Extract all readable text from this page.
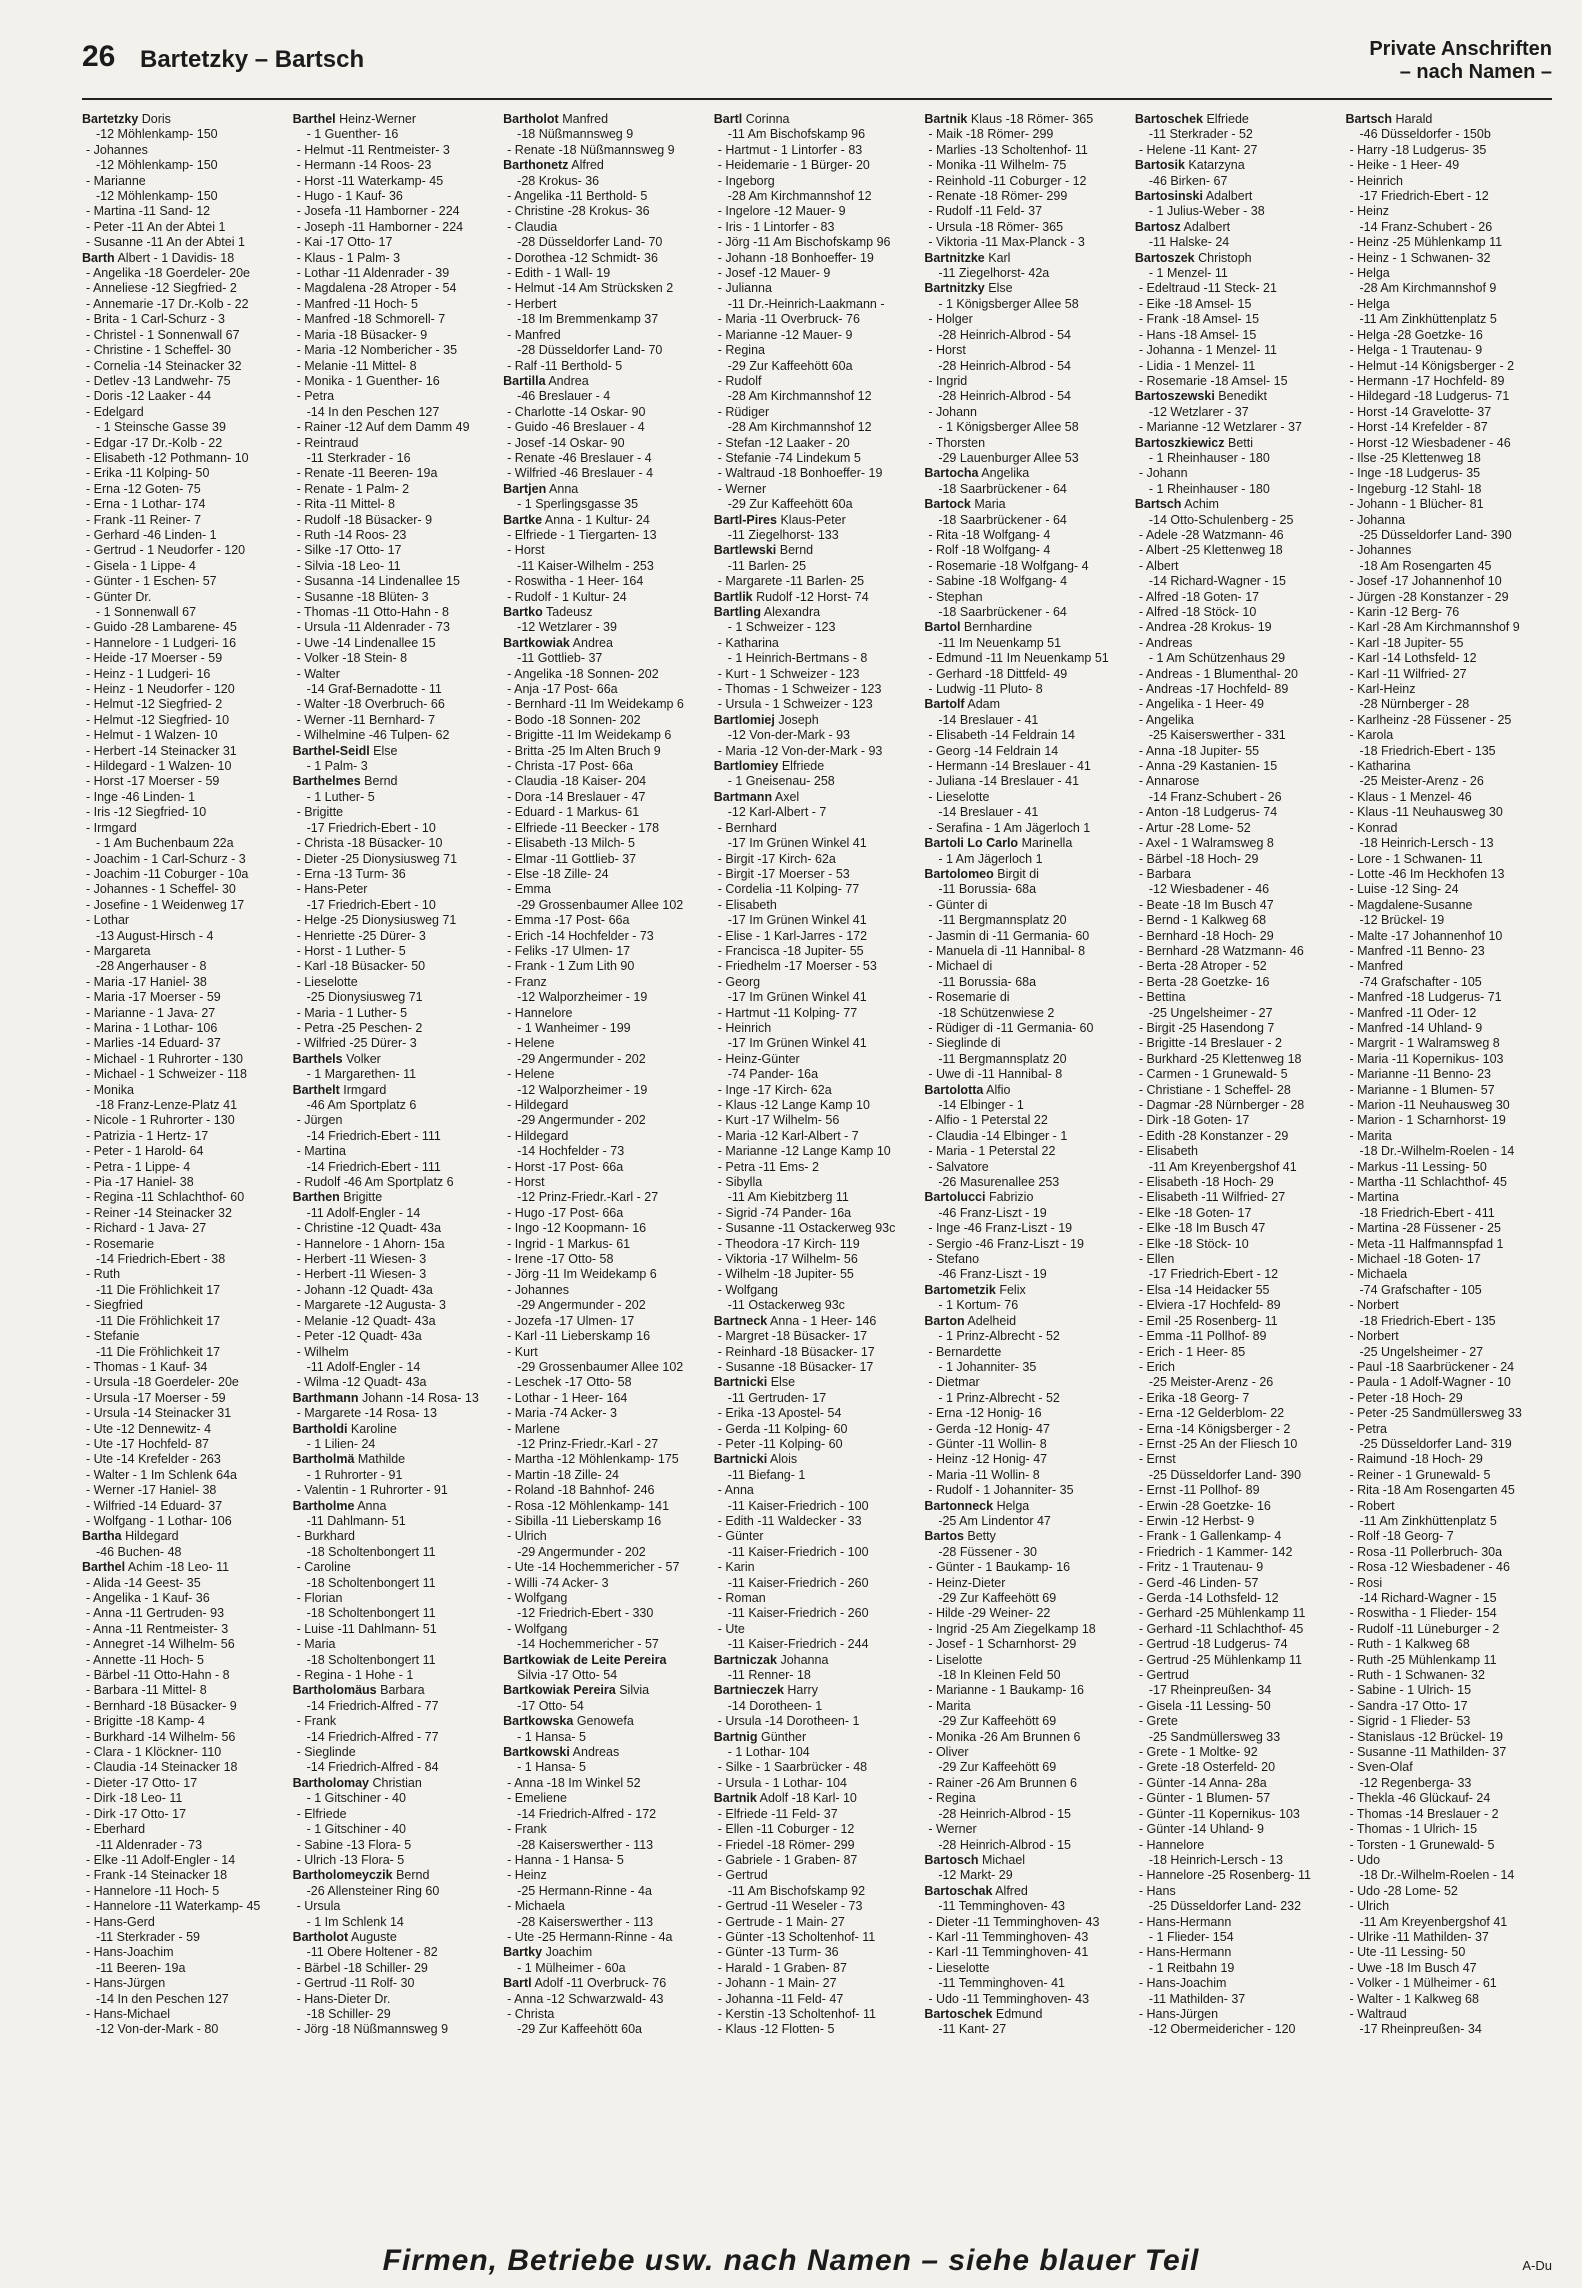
26 Bartetzky – Bartsch	Private Anschriften
– nach Namen –
Bartetzky Doris
-12 Möhlenkamp- 150
- Johannes
-12 Möhlenkamp- 150
- Marianne
-12 Möhlenkamp- 150
- Martina -11 Sand- 12
- Peter -11 An der Abtei 1
- Susanne -11 An der Abtei 1
Barth Albert - 1 Davidis- 18
- Angelika -18 Goerdeler- 20e
- Anneliese -12 Siegfried- 2
- Annemarie -17 Dr.-Kolb - 22
- Brita - 1 Carl-Schurz - 3
- Christel - 1 Sonnenwall 67
- Christine - 1 Scheffel- 30
- Cornelia -14 Steinacker 32
- Detlev -13 Landwehr- 75
- Doris -12 Laaker - 44
- Edelgard
- 1 Steinsche Gasse 39
- Edgar -17 Dr.-Kolb - 22
- Elisabeth -12 Pothmann- 10
- Erika -11 Kolping- 50
- Erna -12 Goten- 75
- Erna - 1 Lothar- 174
- Frank -11 Reiner- 7
- Gerhard -46 Linden- 1
- Gertrud - 1 Neudorfer - 120
- Gisela - 1 Lippe- 4
- Günter - 1 Eschen- 57
- Günter Dr.
- 1 Sonnenwall 67
- Guido -28 Lambarene- 45
- Hannelore - 1 Ludgeri- 16
- Heide -17 Moerser - 59
- Heinz - 1 Ludgeri- 16
- Heinz - 1 Neudorfer - 120
- Helmut -12 Siegfried- 2
- Helmut -12 Siegfried- 10
- Helmut - 1 Walzen- 10
- Herbert -14 Steinacker 31
- Hildegard - 1 Walzen- 10
- Horst -17 Moerser - 59
- Inge -46 Linden- 1
- Iris -12 Siegfried- 10
- Irmgard
- 1 Am Buchenbaum 22a
- Joachim - 1 Carl-Schurz - 3
- Joachim -11 Coburger - 10a
- Johannes - 1 Scheffel- 30
- Josefine - 1 Weidenweg 17
- Lothar
-13 August-Hirsch - 4
- Margareta
-28 Angerhauser - 8
- Maria -17 Haniel- 38
- Maria -17 Moerser - 59
- Marianne - 1 Java- 27
- Marina - 1 Lothar- 106
- Marlies -14 Eduard- 37
- Michael - 1 Ruhrorter - 130
- Michael - 1 Schweizer - 118
- Monika
-18 Franz-Lenze-Platz 41
- Nicole - 1 Ruhrorter - 130
- Patrizia - 1 Hertz- 17
- Peter - 1 Harold- 64
- Petra - 1 Lippe- 4
- Pia -17 Haniel- 38
- Regina -11 Schlachthof- 60
- Reiner -14 Steinacker 32
- Richard - 1 Java- 27
- Rosemarie
-14 Friedrich-Ebert - 38
- Ruth
-11 Die Fröhlichkeit 17
- Siegfried
-11 Die Fröhlichkeit 17
- Stefanie
-11 Die Fröhlichkeit 17
- Thomas - 1 Kauf- 34
- Ursula -18 Goerdeler- 20e
- Ursula -17 Moerser - 59
- Ursula -14 Steinacker 31
- Ute -12 Dennewitz- 4
- Ute -17 Hochfeld- 87
- Ute -14 Krefelder - 263
- Walter - 1 Im Schlenk 64a
- Werner -17 Haniel- 38
- Wilfried -14 Eduard- 37
- Wolfgang - 1 Lothar- 106
Bartha Hildegard
-46 Buchen- 48
Barthel Achim -18 Leo- 11
- Alida -14 Geest- 35
- Angelika - 1 Kauf- 36
- Anna -11 Gertruden- 93
- Anna -11 Rentmeister- 3
- Annegret -14 Wilhelm- 56
- Annette -11 Hoch- 5
- Bärbel -11 Otto-Hahn - 8
- Barbara -11 Mittel- 8
- Bernhard -18 Büsacker- 9
- Brigitte -18 Kamp- 4
- Burkhard -14 Wilhelm- 56
- Clara - 1 Klöckner- 110
- Claudia -14 Steinacker 18
- Dieter -17 Otto- 17
- Dirk -18 Leo- 11
- Dirk -17 Otto- 17
- Eberhard
-11 Aldenrader - 73
- Elke -11 Adolf-Engler - 14
- Frank -14 Steinacker 18
- Hannelore -11 Hoch- 5
- Hannelore -11 Waterkamp- 45
- Hans-Gerd
-11 Sterkrader - 59
- Hans-Joachim
-11 Beeren- 19a
- Hans-Jürgen
-14 In den Peschen 127
- Hans-Michael
-12 Von-der-Mark - 80
Barthel Heinz-Werner
- 1 Guenther- 16
- Helmut -11 Rentmeister- 3
- Hermann -14 Roos- 23
- Horst -11 Waterkamp- 45
- Hugo - 1 Kauf- 36
- Josefa -11 Hamborner - 224
- Joseph -11 Hamborner - 224
- Kai -17 Otto- 17
- Klaus - 1 Palm- 3
- Lothar -11 Aldenrader - 39
- Magdalena -28 Atroper - 54
- Manfred -11 Hoch- 5
- Manfred -18 Schmorell- 7
- Maria -18 Büsacker- 9
- Maria -12 Nombericher - 35
- Melanie -11 Mittel- 8
- Monika - 1 Guenther- 16
- Petra
-14 In den Peschen 127
- Rainer -12 Auf dem Damm 49
- Reintraud
-11 Sterkrader - 16
- Renate -11 Beeren- 19a
- Renate - 1 Palm- 2
- Rita -11 Mittel- 8
- Rudolf -18 Büsacker- 9
- Ruth -14 Roos- 23
- Silke -17 Otto- 17
- Silvia -18 Leo- 11
- Susanna -14 Lindenallee 15
- Susanne -18 Blüten- 3
- Thomas -11 Otto-Hahn - 8
- Ursula -11 Aldenrader - 73
- Uwe -14 Lindenallee 15
- Volker -18 Stein- 8
- Walter
-14 Graf-Bernadotte - 11
- Walter -18 Overbruch- 66
- Werner -11 Bernhard- 7
- Wilhelmine -46 Tulpen- 62
Barthel-Seidl Else
- 1 Palm- 3
Barthelmes Bernd
- 1 Luther- 5
- Brigitte
-17 Friedrich-Ebert - 10
- Christa -18 Büsacker- 10
- Dieter -25 Dionysiusweg 71
- Erna -13 Turm- 36
- Hans-Peter
-17 Friedrich-Ebert - 10
- Helge -25 Dionysiusweg 71
- Henriette -25 Dürer- 3
- Horst - 1 Luther- 5
- Karl -18 Büsacker- 50
- Lieselotte
-25 Dionysiusweg 71
- Maria - 1 Luther- 5
- Petra -25 Peschen- 2
- Wilfried -25 Dürer- 3
Barthels Volker
- 1 Margarethen- 11
Barthelt Irmgard
-46 Am Sportplatz 6
- Jürgen
-14 Friedrich-Ebert - 111
- Martina
-14 Friedrich-Ebert - 111
- Rudolf -46 Am Sportplatz 6
Barthen Brigitte
-11 Adolf-Engler - 14
- Christine -12 Quadt- 43a
- Hannelore - 1 Ahorn- 15a
- Herbert -11 Wiesen- 3
- Herbert -11 Wiesen- 3
- Johann -12 Quadt- 43a
- Margarete -12 Augusta- 3
- Melanie -12 Quadt- 43a
- Peter -12 Quadt- 43a
- Wilhelm
-11 Adolf-Engler - 14
- Wilma -12 Quadt- 43a
Barthmann Johann -14 Rosa- 13
- Margarete -14 Rosa- 13
Bartholdi Karoline
- 1 Lilien- 24
Bartholmä Mathilde
- 1 Ruhrorter - 91
- Valentin - 1 Ruhrorter - 91
Bartholme Anna
-11 Dahlmann- 51
- Burkhard
-18 Scholtenbongert 11
- Caroline
-18 Scholtenbongert 11
- Florian
-18 Scholtenbongert 11
- Luise -11 Dahlmann- 51
- Maria
-18 Scholtenbongert 11
- Regina - 1 Hohe - 1
Bartholomäus Barbara
-14 Friedrich-Alfred - 77
- Frank
-14 Friedrich-Alfred - 77
- Sieglinde
-14 Friedrich-Alfred - 84
Bartholomay Christian
- 1 Gitschiner - 40
- Elfriede
- 1 Gitschiner - 40
- Sabine -13 Flora- 5
- Ulrich -13 Flora- 5
Bartholomeyczik Bernd
-26 Allensteiner Ring 60
- Ursula
- 1 Im Schlenk 14
Bartholot Auguste
-11 Obere Holtener - 82
- Bärbel -18 Schiller- 29
- Gertrud -11 Rolf- 30
- Hans-Dieter Dr.
-18 Schiller- 29
- Jörg -18 Nüßmannsweg 9
Bartholot Manfred
-18 Nüßmannsweg 9
- Renate -18 Nüßmannsweg 9
Barthonetz Alfred
-28 Krokus- 36
- Angelika -11 Berthold- 5
- Christine -28 Krokus- 36
- Claudia
-28 Düsseldorfer Land- 70
- Dorothea -12 Schmidt- 36
- Edith - 1 Wall- 19
- Helmut -14 Am Strücksken 2
- Herbert
-18 Im Bremmenkamp 37
- Manfred
-28 Düsseldorfer Land- 70
- Ralf -11 Berthold- 5
Bartilla Andrea
-46 Breslauer - 4
- Charlotte -14 Oskar- 90
- Guido -46 Breslauer - 4
- Josef -14 Oskar- 90
- Renate -46 Breslauer - 4
- Wilfried -46 Breslauer - 4
Bartjen Anna
- 1 Sperlingsgasse 35
Bartke Anna - 1 Kultur- 24
- Elfriede - 1 Tiergarten- 13
- Horst
-11 Kaiser-Wilhelm - 253
- Roswitha - 1 Heer- 164
- Rudolf - 1 Kultur- 24
Bartko Tadeusz
-12 Wetzlarer - 39
Bartkowiak Andrea
-11 Gottlieb- 37
- Angelika -18 Sonnen- 202
- Anja -17 Post- 66a
- Bernhard -11 Im Weidekamp 6
- Bodo -18 Sonnen- 202
- Brigitte -11 Im Weidekamp 6
- Britta -25 Im Alten Bruch 9
- Christa -17 Post- 66a
- Claudia -18 Kaiser- 204
- Dora -14 Breslauer - 47
- Eduard - 1 Markus- 61
- Elfriede -11 Beecker - 178
- Elisabeth -13 Milch- 5
- Elmar -11 Gottlieb- 37
- Else -18 Zille- 24
- Emma
-29 Grossenbaumer Allee 102
- Emma -17 Post- 66a
- Erich -14 Hochfelder - 73
- Feliks -17 Ulmen- 17
- Frank - 1 Zum Lith 90
- Franz
-12 Walporzheimer - 19
- Hannelore
- 1 Wanheimer - 199
- Helene
-29 Angermunder - 202
- Helene
-12 Walporzheimer - 19
- Hildegard
-29 Angermunder - 202
- Hildegard
-14 Hochfelder - 73
- Horst -17 Post- 66a
- Horst
-12 Prinz-Friedr.-Karl - 27
- Hugo -17 Post- 66a
- Ingo -12 Koopmann- 16
- Ingrid - 1 Markus- 61
- Irene -17 Otto- 58
- Jörg -11 Im Weidekamp 6
- Johannes
-29 Angermunder - 202
- Jozefa -17 Ulmen- 17
- Karl -11 Lieberskamp 16
- Kurt
-29 Grossenbaumer Allee 102
- Leschek -17 Otto- 58
- Lothar - 1 Heer- 164
- Maria -74 Acker- 3
- Marlene
-12 Prinz-Friedr.-Karl - 27
- Martha -12 Möhlenkamp- 175
- Martin -18 Zille- 24
- Roland -18 Bahnhof- 246
- Rosa -12 Möhlenkamp- 141
- Sibilla -11 Lieberskamp 16
- Ulrich
-29 Angermunder - 202
- Ute -14 Hochemmericher - 57
- Willi -74 Acker- 3
- Wolfgang
-12 Friedrich-Ebert - 330
- Wolfgang
-14 Hochemmericher - 57
Bartkowiak de Leite Pereira
Silvia -17 Otto- 54
Bartkowiak Pereira Silvia
-17 Otto- 54
Bartkowska Genowefa
- 1 Hansa- 5
Bartkowski Andreas
- 1 Hansa- 5
- Anna -18 Im Winkel 52
- Emeliene
-14 Friedrich-Alfred - 172
- Frank
-28 Kaiserswerther - 113
- Hanna - 1 Hansa- 5
- Heinz
-25 Hermann-Rinne - 4a
- Michaela
-28 Kaiserswerther - 113
- Ute -25 Hermann-Rinne - 4a
Bartky Joachim
- 1 Mülheimer - 60a
Bartl Adolf -11 Overbruck- 76
- Anna -12 Schwarzwald- 43
- Christa
-29 Zur Kaffeehött 60a
Bartl Corinna
-11 Am Bischofskamp 96
- Hartmut - 1 Lintorfer - 83
- Heidemarie - 1 Bürger- 20
- Ingeborg
-28 Am Kirchmannshof 12
- Ingelore -12 Mauer- 9
- Iris - 1 Lintorfer - 83
- Jörg -11 Am Bischofskamp 96
- Johann -18 Bonhoeffer- 19
- Josef -12 Mauer- 9
- Julianna
-11 Dr.-Heinrich-Laakmann -
- Maria -11 Overbruck- 76
- Marianne -12 Mauer- 9
- Regina
-29 Zur Kaffeehött 60a
- Rudolf
-28 Am Kirchmannshof 12
- Rüdiger
-28 Am Kirchmannshof 12
- Stefan -12 Laaker - 20
- Stefanie -74 Lindekum 5
- Waltraud -18 Bonhoeffer- 19
- Werner
-29 Zur Kaffeehött 60a
Bartl-Pires Klaus-Peter
-11 Ziegelhorst- 133
Bartlewski Bernd
-11 Barlen- 25
- Margarete -11 Barlen- 25
Bartlik Rudolf -12 Horst- 74
Bartling Alexandra
- 1 Schweizer - 123
- Katharina
- 1 Heinrich-Bertmans - 8
- Kurt - 1 Schweizer - 123
- Thomas - 1 Schweizer - 123
- Ursula - 1 Schweizer - 123
Bartlomiej Joseph
-12 Von-der-Mark - 93
- Maria -12 Von-der-Mark - 93
Bartlomiey Elfriede
- 1 Gneisenau- 258
Bartmann Axel
-12 Karl-Albert - 7
- Bernhard
-17 Im Grünen Winkel 41
- Birgit -17 Kirch- 62a
- Birgit -17 Moerser - 53
- Cordelia -11 Kolping- 77
- Elisabeth
-17 Im Grünen Winkel 41
- Elise - 1 Karl-Jarres - 172
- Francisca -18 Jupiter- 55
- Friedhelm -17 Moerser - 53
- Georg
-17 Im Grünen Winkel 41
- Hartmut -11 Kolping- 77
- Heinrich
-17 Im Grünen Winkel 41
- Heinz-Günter
-74 Pander- 16a
- Inge -17 Kirch- 62a
- Klaus -12 Lange Kamp 10
- Kurt -17 Wilhelm- 56
- Maria -12 Karl-Albert - 7
- Marianne -12 Lange Kamp 10
- Petra -11 Ems- 2
- Sibylla
-11 Am Kiebitzberg 11
- Sigrid -74 Pander- 16a
- Susanne -11 Ostackerweg 93c
- Theodora -17 Kirch- 119
- Viktoria -17 Wilhelm- 56
- Wilhelm -18 Jupiter- 55
- Wolfgang
-11 Ostackerweg 93c
Bartneck Anna - 1 Heer- 146
- Margret -18 Büsacker- 17
- Reinhard -18 Büsacker- 17
- Susanne -18 Büsacker- 17
Bartnicki Else
-11 Gertruden- 17
- Erika -13 Apostel- 54
- Gerda -11 Kolping- 60
- Peter -11 Kolping- 60
Bartnicki Alois
-11 Biefang- 1
- Anna
-11 Kaiser-Friedrich - 100
- Edith -11 Waldecker - 33
- Günter
-11 Kaiser-Friedrich - 100
- Karin
-11 Kaiser-Friedrich - 260
- Roman
-11 Kaiser-Friedrich - 260
- Ute
-11 Kaiser-Friedrich - 244
Bartniczak Johanna
-11 Renner- 18
Bartnieczek Harry
-14 Dorotheen- 1
- Ursula -14 Dorotheen- 1
Bartnig Günther
- 1 Lothar- 104
- Silke - 1 Saarbrücker - 48
- Ursula - 1 Lothar- 104
Bartnik Adolf -18 Karl- 10
- Elfriede -11 Feld- 37
- Ellen -11 Coburger - 12
- Friedel -18 Römer- 299
- Gabriele - 1 Graben- 87
- Gertrud
-11 Am Bischofskamp 92
- Gertrud -11 Weseler - 73
- Gertrude - 1 Main- 27
- Günter -13 Scholtenhof- 11
- Günter -13 Turm- 36
- Harald - 1 Graben- 87
- Johann - 1 Main- 27
- Johanna -11 Feld- 47
- Kerstin -13 Scholtenhof- 11
- Klaus -12 Flotten- 5
Bartnik Klaus -18 Römer- 365
- Maik -18 Römer- 299
- Marlies -13 Scholtenhof- 11
- Monika -11 Wilhelm- 75
- Reinhold -11 Coburger - 12
- Renate -18 Römer- 299
- Rudolf -11 Feld- 37
- Ursula -18 Römer- 365
- Viktoria -11 Max-Planck - 3
Bartnitzke Karl
-11 Ziegelhorst- 42a
Bartnitzky Else
- 1 Königsberger Allee 58
- Holger
-28 Heinrich-Albrod - 54
- Horst
-28 Heinrich-Albrod - 54
- Ingrid
-28 Heinrich-Albrod - 54
- Johann
- 1 Königsberger Allee 58
- Thorsten
-29 Lauenburger Allee 53
Bartocha Angelika
-18 Saarbrückener - 64
Bartock Maria
-18 Saarbrückener - 64
- Rita -18 Wolfgang- 4
- Rolf -18 Wolfgang- 4
- Rosemarie -18 Wolfgang- 4
- Sabine -18 Wolfgang- 4
- Stephan
-18 Saarbrückener - 64
Bartol Bernhardine
-11 Im Neuenkamp 51
- Edmund -11 Im Neuenkamp 51
- Gerhard -18 Dittfeld- 49
- Ludwig -11 Pluto- 8
Bartolf Adam
-14 Breslauer - 41
- Elisabeth -14 Feldrain 14
- Georg -14 Feldrain 14
- Hermann -14 Breslauer - 41
- Juliana -14 Breslauer - 41
- Lieselotte
-14 Breslauer - 41
- Serafina - 1 Am Jägerloch 1
Bartoli Lo Carlo Marinella
- 1 Am Jägerloch 1
Bartolomeo Birgit di
-11 Borussia- 68a
- Günter di
-11 Bergmannsplatz 20
- Jasmin di -11 Germania- 60
- Manuela di -11 Hannibal- 8
- Michael di
-11 Borussia- 68a
- Rosemarie di
-18 Schützenwiese 2
- Rüdiger di -11 Germania- 60
- Sieglinde di
-11 Bergmannsplatz 20
- Uwe di -11 Hannibal- 8
Bartolotta Alfio
-14 Elbinger - 1
- Alfio - 1 Peterstal 22
- Claudia -14 Elbinger - 1
- Maria - 1 Peterstal 22
- Salvatore
-26 Masurenallee 253
Bartolucci Fabrizio
-46 Franz-Liszt - 19
- Inge -46 Franz-Liszt - 19
- Sergio -46 Franz-Liszt - 19
- Stefano
-46 Franz-Liszt - 19
Bartometzik Felix
- 1 Kortum- 76
Barton Adelheid
- 1 Prinz-Albrecht - 52
- Bernardette
- 1 Johanniter- 35
- Dietmar
- 1 Prinz-Albrecht - 52
- Erna -12 Honig- 16
- Gerda -12 Honig- 47
- Günter -11 Wollin- 8
- Heinz -12 Honig- 47
- Maria -11 Wollin- 8
- Rudolf - 1 Johanniter- 35
Bartonneck Helga
-25 Am Lindentor 47
Bartos Betty
-28 Füssener - 30
- Günter - 1 Baukamp- 16
- Heinz-Dieter
-29 Zur Kaffeehött 69
- Hilde -29 Weiner- 22
- Ingrid -25 Am Ziegelkamp 18
- Josef - 1 Scharnhorst- 29
- Liselotte
-18 In Kleinen Feld 50
- Marianne - 1 Baukamp- 16
- Marita
-29 Zur Kaffeehött 69
- Monika -26 Am Brunnen 6
- Oliver
-29 Zur Kaffeehött 69
- Rainer -26 Am Brunnen 6
- Regina
-28 Heinrich-Albrod - 15
- Werner
-28 Heinrich-Albrod - 15
Bartosch Michael
-12 Markt- 29
Bartoschak Alfred
-11 Temminghoven- 43
- Dieter -11 Temminghoven- 43
- Karl -11 Temminghoven- 43
- Karl -11 Temminghoven- 41
- Lieselotte
-11 Temminghoven- 41
- Udo -11 Temminghoven- 43
Bartoschek Edmund
-11 Kant- 27
Bartoschek Elfriede
-11 Sterkrader - 52
- Helene -11 Kant- 27
Bartosik Katarzyna
-46 Birken- 67
Bartosinski Adalbert
- 1 Julius-Weber - 38
Bartosz Adalbert
-11 Halske- 24
Bartoszek Christoph
- 1 Menzel- 11
- Edeltraud -11 Steck- 21
- Eike -18 Amsel- 15
- Frank -18 Amsel- 15
- Hans -18 Amsel- 15
- Johanna - 1 Menzel- 11
- Lidia - 1 Menzel- 11
- Rosemarie -18 Amsel- 15
Bartoszewski Benedikt
-12 Wetzlarer - 37
- Marianne -12 Wetzlarer - 37
Bartoszkiewicz Betti
- 1 Rheinhauser - 180
- Johann
- 1 Rheinhauser - 180
Bartsch Achim
-14 Otto-Schulenberg - 25
- Adele -28 Watzmann- 46
- Albert -25 Klettenweg 18
- Albert
-14 Richard-Wagner - 15
- Alfred -18 Goten- 17
- Alfred -18 Stöck- 10
- Andrea -28 Krokus- 19
- Andreas
- 1 Am Schützenhaus 29
- Andreas - 1 Blumenthal- 20
- Andreas -17 Hochfeld- 89
- Angelika - 1 Heer- 49
- Angelika
-25 Kaiserswerther - 331
- Anna -18 Jupiter- 55
- Anna -29 Kastanien- 15
- Annarose
-14 Franz-Schubert - 26
- Anton -18 Ludgerus- 74
- Artur -28 Lome- 52
- Axel - 1 Walramsweg 8
- Bärbel -18 Hoch- 29
- Barbara
-12 Wiesbadener - 46
- Beate -18 Im Busch 47
- Bernd - 1 Kalkweg 68
- Bernhard -18 Hoch- 29
- Bernhard -28 Watzmann- 46
- Berta -28 Atroper - 52
- Berta -28 Goetzke- 16
- Bettina
-25 Ungelsheimer - 27
- Birgit -25 Hasendong 7
- Brigitte -14 Breslauer - 2
- Burkhard -25 Klettenweg 18
- Carmen - 1 Grunewald- 5
- Christiane - 1 Scheffel- 28
- Dagmar -28 Nürnberger - 28
- Dirk -18 Goten- 17
- Edith -28 Konstanzer - 29
- Elisabeth
-11 Am Kreyenbergshof 41
- Elisabeth -18 Hoch- 29
- Elisabeth -11 Wilfried- 27
- Elke -18 Goten- 17
- Elke -18 Im Busch 47
- Elke -18 Stöck- 10
- Ellen
-17 Friedrich-Ebert - 12
- Elsa -14 Heidacker 55
- Elviera -17 Hochfeld- 89
- Emil -25 Rosenberg- 11
- Emma -11 Pollhof- 89
- Erich - 1 Heer- 85
- Erich
-25 Meister-Arenz - 26
- Erika -18 Georg- 7
- Erna -12 Gelderblom- 22
- Erna -14 Königsberger - 2
- Ernst -25 An der Fliesch 10
- Ernst
-25 Düsseldorfer Land- 390
- Ernst -11 Pollhof- 89
- Erwin -28 Goetzke- 16
- Erwin -12 Herbst- 9
- Frank - 1 Gallenkamp- 4
- Friedrich - 1 Kammer- 142
- Fritz - 1 Trautenau- 9
- Gerd -46 Linden- 57
- Gerda -14 Lothsfeld- 12
- Gerhard -25 Mühlenkamp 11
- Gerhard -11 Schlachthof- 45
- Gertrud -18 Ludgerus- 74
- Gertrud -25 Mühlenkamp 11
- Gertrud
-17 Rheinpreußen- 34
- Gisela -11 Lessing- 50
- Grete
-25 Sandmüllersweg 33
- Grete - 1 Moltke- 92
- Grete -18 Osterfeld- 20
- Günter -14 Anna- 28a
- Günter - 1 Blumen- 57
- Günter -11 Kopernikus- 103
- Günter -14 Uhland- 9
- Hannelore
-18 Heinrich-Lersch - 13
- Hannelore -25 Rosenberg- 11
- Hans
-25 Düsseldorfer Land- 232
- Hans-Hermann
- 1 Flieder- 154
- Hans-Hermann
- 1 Reitbahn 19
- Hans-Joachim
-11 Mathilden- 37
- Hans-Jürgen
-12 Obermeidericher - 120
Bartsch Harald
-46 Düsseldorfer - 150b
- Harry -18 Ludgerus- 35
- Heike - 1 Heer- 49
- Heinrich
-17 Friedrich-Ebert - 12
- Heinz
-14 Franz-Schubert - 26
- Heinz -25 Mühlenkamp 11
- Heinz - 1 Schwanen- 32
- Helga
-28 Am Kirchmannshof 9
- Helga
-11 Am Zinkhüttenplatz 5
- Helga -28 Goetzke- 16
- Helga - 1 Trautenau- 9
- Helmut -14 Königsberger - 2
- Hermann -17 Hochfeld- 89
- Hildegard -18 Ludgerus- 71
- Horst -14 Gravelotte- 37
- Horst -14 Krefelder - 87
- Horst -12 Wiesbadener - 46
- Ilse -25 Klettenweg 18
- Inge -18 Ludgerus- 35
- Ingeburg -12 Stahl- 18
- Johann - 1 Blücher- 81
- Johanna
-25 Düsseldorfer Land- 390
- Johannes
-18 Am Rosengarten 45
- Josef -17 Johannenhof 10
- Jürgen -28 Konstanzer - 29
- Karin -12 Berg- 76
- Karl -28 Am Kirchmannshof 9
- Karl -18 Jupiter- 55
- Karl -14 Lothsfeld- 12
- Karl -11 Wilfried- 27
- Karl-Heinz
-28 Nürnberger - 28
- Karlheinz -28 Füssener - 25
- Karola
-18 Friedrich-Ebert - 135
- Katharina
-25 Meister-Arenz - 26
- Klaus - 1 Menzel- 46
- Klaus -11 Neuhausweg 30
- Konrad
-18 Heinrich-Lersch - 13
- Lore - 1 Schwanen- 11
- Lotte -46 Im Heckhofen 13
- Luise -12 Sing- 24
- Magdalene-Susanne
-12 Brückel- 19
- Malte -17 Johannenhof 10
- Manfred -11 Benno- 23
- Manfred
-74 Grafschafter - 105
- Manfred -18 Ludgerus- 71
- Manfred -11 Oder- 12
- Manfred -14 Uhland- 9
- Margrit - 1 Walramsweg 8
- Maria -11 Kopernikus- 103
- Marianne -11 Benno- 23
- Marianne - 1 Blumen- 57
- Marion -11 Neuhausweg 30
- Marion - 1 Scharnhorst- 19
- Marita
-18 Dr.-Wilhelm-Roelen - 14
- Markus -11 Lessing- 50
- Martha -11 Schlachthof- 45
- Martina
-18 Friedrich-Ebert - 411
- Martina -28 Füssener - 25
- Meta -11 Halfmannspfad 1
- Michael -18 Goten- 17
- Michaela
-74 Grafschafter - 105
- Norbert
-18 Friedrich-Ebert - 135
- Norbert
-25 Ungelsheimer - 27
- Paul -18 Saarbrückener - 24
- Paula - 1 Adolf-Wagner - 10
- Peter -18 Hoch- 29
- Peter -25 Sandmüllersweg 33
- Petra
-25 Düsseldorfer Land- 319
- Raimund -18 Hoch- 29
- Reiner - 1 Grunewald- 5
- Rita -18 Am Rosengarten 45
- Robert
-11 Am Zinkhüttenplatz 5
- Rolf -18 Georg- 7
- Rosa -11 Pollerbruch- 30a
- Rosa -12 Wiesbadener - 46
- Rosi
-14 Richard-Wagner - 15
- Roswitha - 1 Flieder- 154
- Rudolf -11 Lüneburger - 2
- Ruth - 1 Kalkweg 68
- Ruth -25 Mühlenkamp 11
- Ruth - 1 Schwanen- 32
- Sabine - 1 Ulrich- 15
- Sandra -17 Otto- 17
- Sigrid - 1 Flieder- 53
- Stanislaus -12 Brückel- 19
- Susanne -11 Mathilden- 37
- Sven-Olaf
-12 Regenberga- 33
- Thekla -46 Glückauf- 24
- Thomas -14 Breslauer - 2
- Thomas - 1 Ulrich- 15
- Torsten - 1 Grunewald- 5
- Udo
-18 Dr.-Wilhelm-Roelen - 14
- Udo -28 Lome- 52
- Ulrich
-11 Am Kreyenbergshof 41
- Ulrike -11 Mathilden- 37
- Ute -11 Lessing- 50
- Uwe -18 Im Busch 47
- Volker - 1 Mülheimer - 61
- Walter - 1 Kalkweg 68
- Waltraud
-17 Rheinpreußen- 34
Firmen, Betriebe usw. nach Namen – siehe blauer Teil	A-Du
